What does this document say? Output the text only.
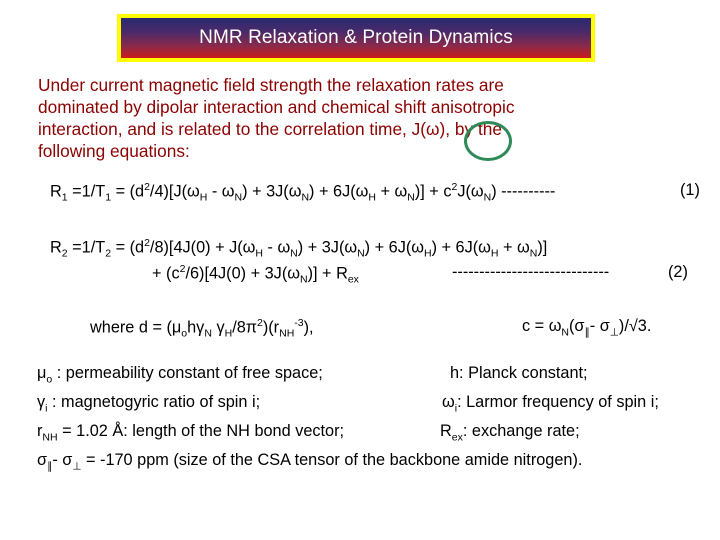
NMR Relaxation & Protein Dynamics
Under current magnetic field strength the relaxation rates are
dominated by dipolar interaction and chemical shift anisotropic
interaction, and is related to the correlation time, J(ω), by the
following equations:
$R_1 =1/T_1 = (d^2/4)[J(\omega_H - \omega_N) + 3J(\omega_N) + 6J(\omega_H + \omega_N)] + c^2J(\omega_N)$ ----------	(1)
$R_2 =1/T_2 = (d^2/8)[4J(0) + J(\omega_H - \omega_N) + 3J(\omega_N) + 6J(\omega_H) + 6J(\omega_H + \omega_N)]$
+ $(c^2/6)[4J(0) + 3J(\omega_N)] + R_{ex}$	-----------------------------	(2)
where $d = (\mu_oh\gamma_N$ $\gamma_H/8\pi^2)(r_{NH}^{-3})$,	$c = \omega_N(\sigma_\parallel-$ $\sigma_\perp)/√3$.
$\mu_o$ : permeability constant of free space;	h: Planck constant;
$\gamma_i$ : magnetogyric ratio of spin i;	$\omega_i$: Larmor frequency of spin i;
$r_{NH} = 1.02$ Å: length of the NH bond vector;	$R_{ex}$: exchange rate;
$\sigma_\parallel-$ $\sigma_\perp = -170$ ppm (size of the CSA tensor of the backbone amide nitrogen).
